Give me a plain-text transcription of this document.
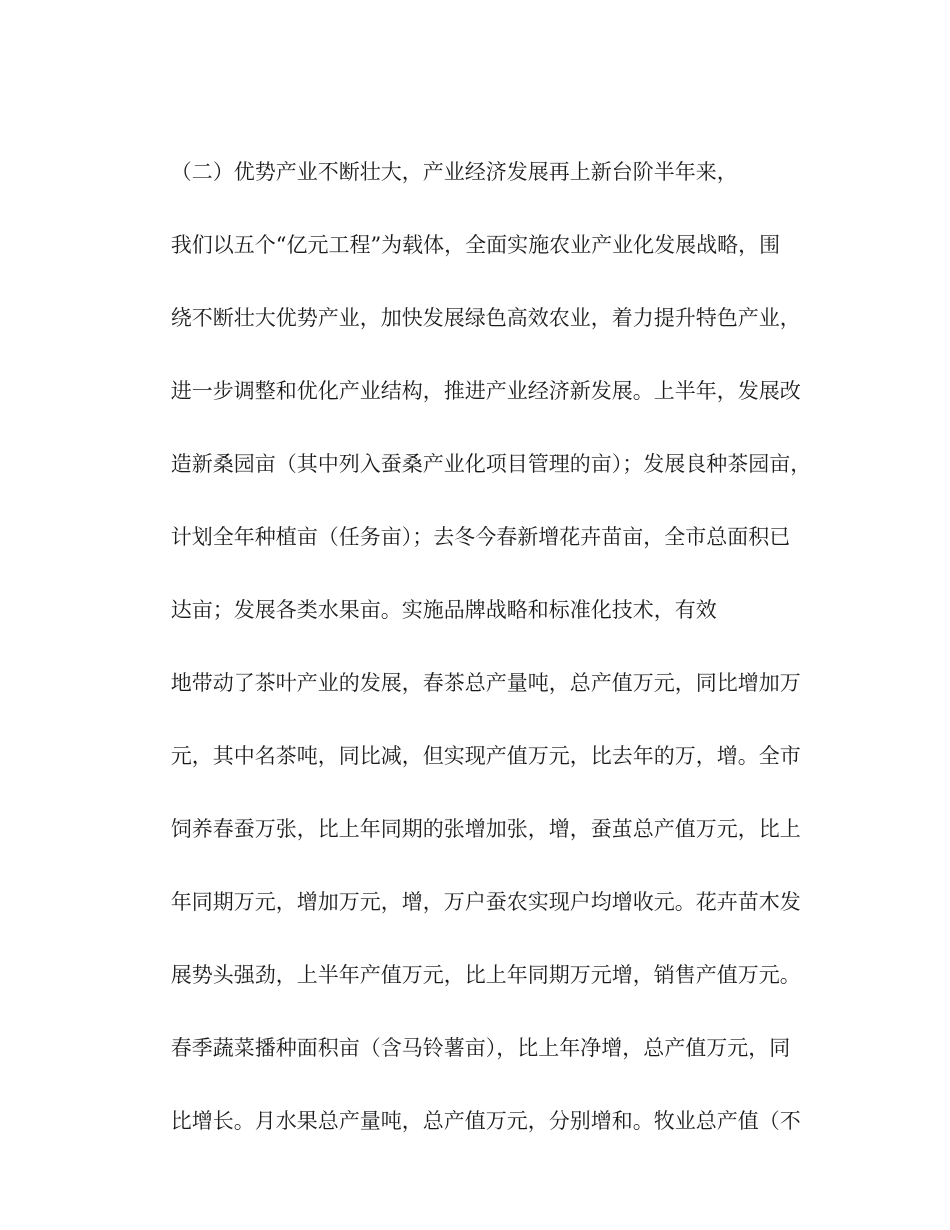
（二）优势产业不断壮大，产业经济发展再上新台阶半年来，

我们以五个“亿元工程”为载体，全面实施农业产业化发展战略，围

绕不断壮大优势产业，加快发展绿色高效农业，着力提升特色产业，

进一步调整和优化产业结构，推进产业经济新发展。上半年，发展改

造新桑园亩（其中列入蚕桑产业化项目管理的亩）；发展良种茶园亩，

计划全年种植亩（任务亩）；去冬今春新增花卉苗亩，全市总面积已

达亩；发展各类水果亩。实施品牌战略和标准化技术，有效

地带动了茶叶产业的发展，春茶总产量吨，总产值万元，同比增加万

元，其中名茶吨，同比减，但实现产值万元，比去年的万，增。全市

饲养春蚕万张，比上年同期的张增加张，增，蚕茧总产值万元，比上

年同期万元，增加万元，增，万户蚕农实现户均增收元。花卉苗木发

展势头强劲，上半年产值万元，比上年同期万元增，销售产值万元。

春季蔬菜播种面积亩（含马铃薯亩），比上年净增，总产值万元，同

比增长。月水果总产量吨，总产值万元，分别增和。牧业总产值（不
